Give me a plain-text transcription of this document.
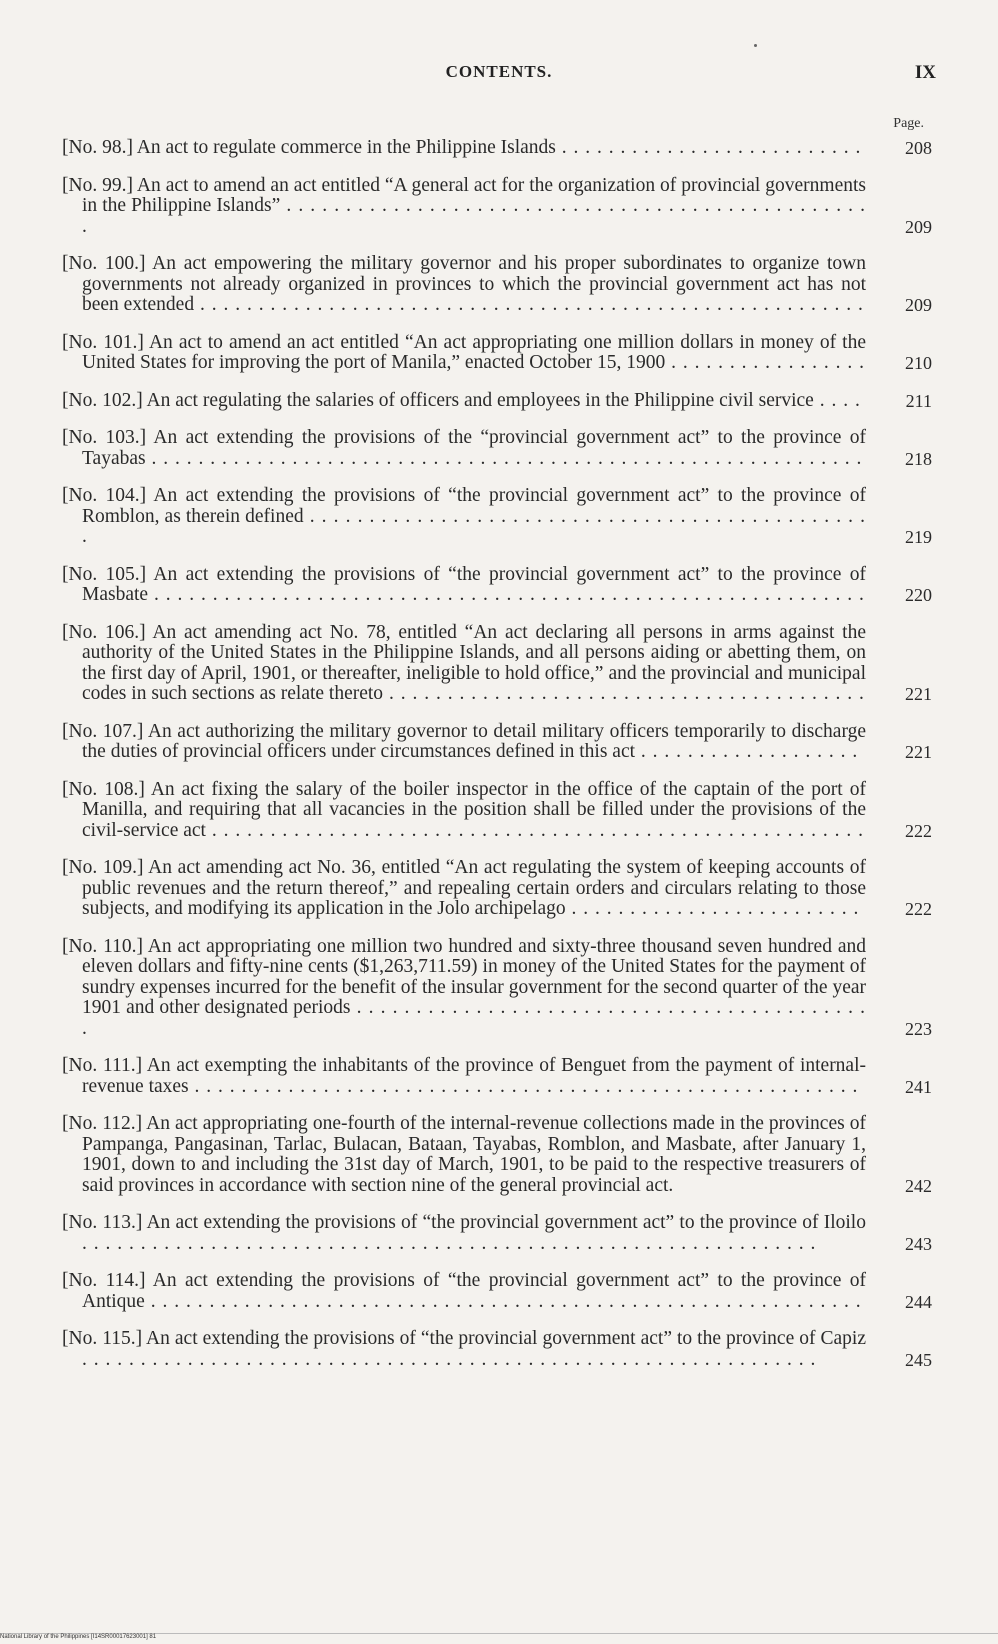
CONTENTS.	IX
Page.
[No. 98.] An act to regulate commerce in the Philippine Islands . . . . . . . . . . . . . . . . . . . . . . . . . .	208
[No. 99.] An act to amend an act entitled “A general act for the organization of provincial governments in the Philippine Islands” . . . . . . . . . . . . . . . . . . . . . . . . . . . . . . . . . . . . . . . . . . . . . . . . . .	209
[No. 100.] An act empowering the military governor and his proper subordinates to organize town governments not already organized in provinces to which the provincial government act has not been extended . . . . . . . . . . . . . . . . . . . . . . . . . . . . . . . . . . . . . . . . . . . . . . . . . . . . . . . . .	209
[No. 101.] An act to amend an act entitled “An act appropriating one million dollars in money of the United States for improving the port of Manila,” enacted October 15, 1900 . . . . . . . . . . . . . . . . .	210
[No. 102.] An act regulating the salaries of officers and employees in the Philippine civil service . . . .	211
[No. 103.] An act extending the provisions of the “provincial government act” to the province of Tayabas . . . . . . . . . . . . . . . . . . . . . . . . . . . . . . . . . . . . . . . . . . . . . . . . . . . . . . . . . . . . .	218
[No. 104.] An act extending the provisions of “the provincial government act” to the province of Romblon, as therein defined . . . . . . . . . . . . . . . . . . . . . . . . . . . . . . . . . . . . . . . . . . . . . . . .	219
[No. 105.] An act extending the provisions of “the provincial government act” to the province of Masbate . . . . . . . . . . . . . . . . . . . . . . . . . . . . . . . . . . . . . . . . . . . . . . . . . . . . . . . . . . . . .	220
[No. 106.] An act amending act No. 78, entitled “An act declaring all persons in arms against the authority of the United States in the Philippine Islands, and all persons aiding or abetting them, on the first day of April, 1901, or thereafter, ineligible to hold office,” and the provincial and municipal codes in such sections as relate thereto . . . . . . . . . . . . . . . . . . . . . . . . . . . . . . . . . . . . . . . . .	221
[No. 107.] An act authorizing the military governor to detail military officers temporarily to discharge the duties of provincial officers under circumstances defined in this act . . . . . . . . . . . . . . . . . . .	221
[No. 108.] An act fixing the salary of the boiler inspector in the office of the captain of the port of Manilla, and requiring that all vacancies in the position shall be filled under the provisions of the civil-service act . . . . . . . . . . . . . . . . . . . . . . . . . . . . . . . . . . . . . . . . . . . . . . . . . . . . . . . .	222
[No. 109.] An act amending act No. 36, entitled “An act regulating the system of keeping accounts of public revenues and the return thereof,” and repealing certain orders and circulars relating to those subjects, and modifying its application in the Jolo archipelago . . . . . . . . . . . . . . . . . . . . . . . . .	222
[No. 110.] An act appropriating one million two hundred and sixty-three thousand seven hundred and eleven dollars and fifty-nine cents ($1,263,711.59) in money of the United States for the payment of sundry expenses incurred for the benefit of the insular government for the second quarter of the year 1901 and other designated periods . . . . . . . . . . . . . . . . . . . . . . . . . . . . . . . . . . . . . . . . . . . .	223
[No. 111.] An act exempting the inhabitants of the province of Benguet from the payment of internal-revenue taxes . . . . . . . . . . . . . . . . . . . . . . . . . . . . . . . . . . . . . . . . . . . . . . . . . . . . . . . . .	241
[No. 112.] An act appropriating one-fourth of the internal-revenue collections made in the provinces of Pampanga, Pangasinan, Tarlac, Bulacan, Bataan, Tayabas, Romblon, and Masbate, after January 1, 1901, down to and including the 31st day of March, 1901, to be paid to the respective treasurers of said provinces in accordance with section nine of the general provincial act.	242
[No. 113.] An act extending the provisions of “the provincial government act” to the province of Iloilo . . . . . . . . . . . . . . . . . . . . . . . . . . . . . . . . . . . . . . . . . . . . . . . . . . . . . . . . . . . . . . .	243
[No. 114.] An act extending the provisions of “the provincial government act” to the province of Antique . . . . . . . . . . . . . . . . . . . . . . . . . . . . . . . . . . . . . . . . . . . . . . . . . . . . . . . . . . . . .	244
[No. 115.] An act extending the provisions of “the provincial government act” to the province of Capiz . . . . . . . . . . . . . . . . . . . . . . . . . . . . . . . . . . . . . . . . . . . . . . . . . . . . . . . . . . . . . . .	245
National Library of the Philippines [I14SR00017623001] 81
